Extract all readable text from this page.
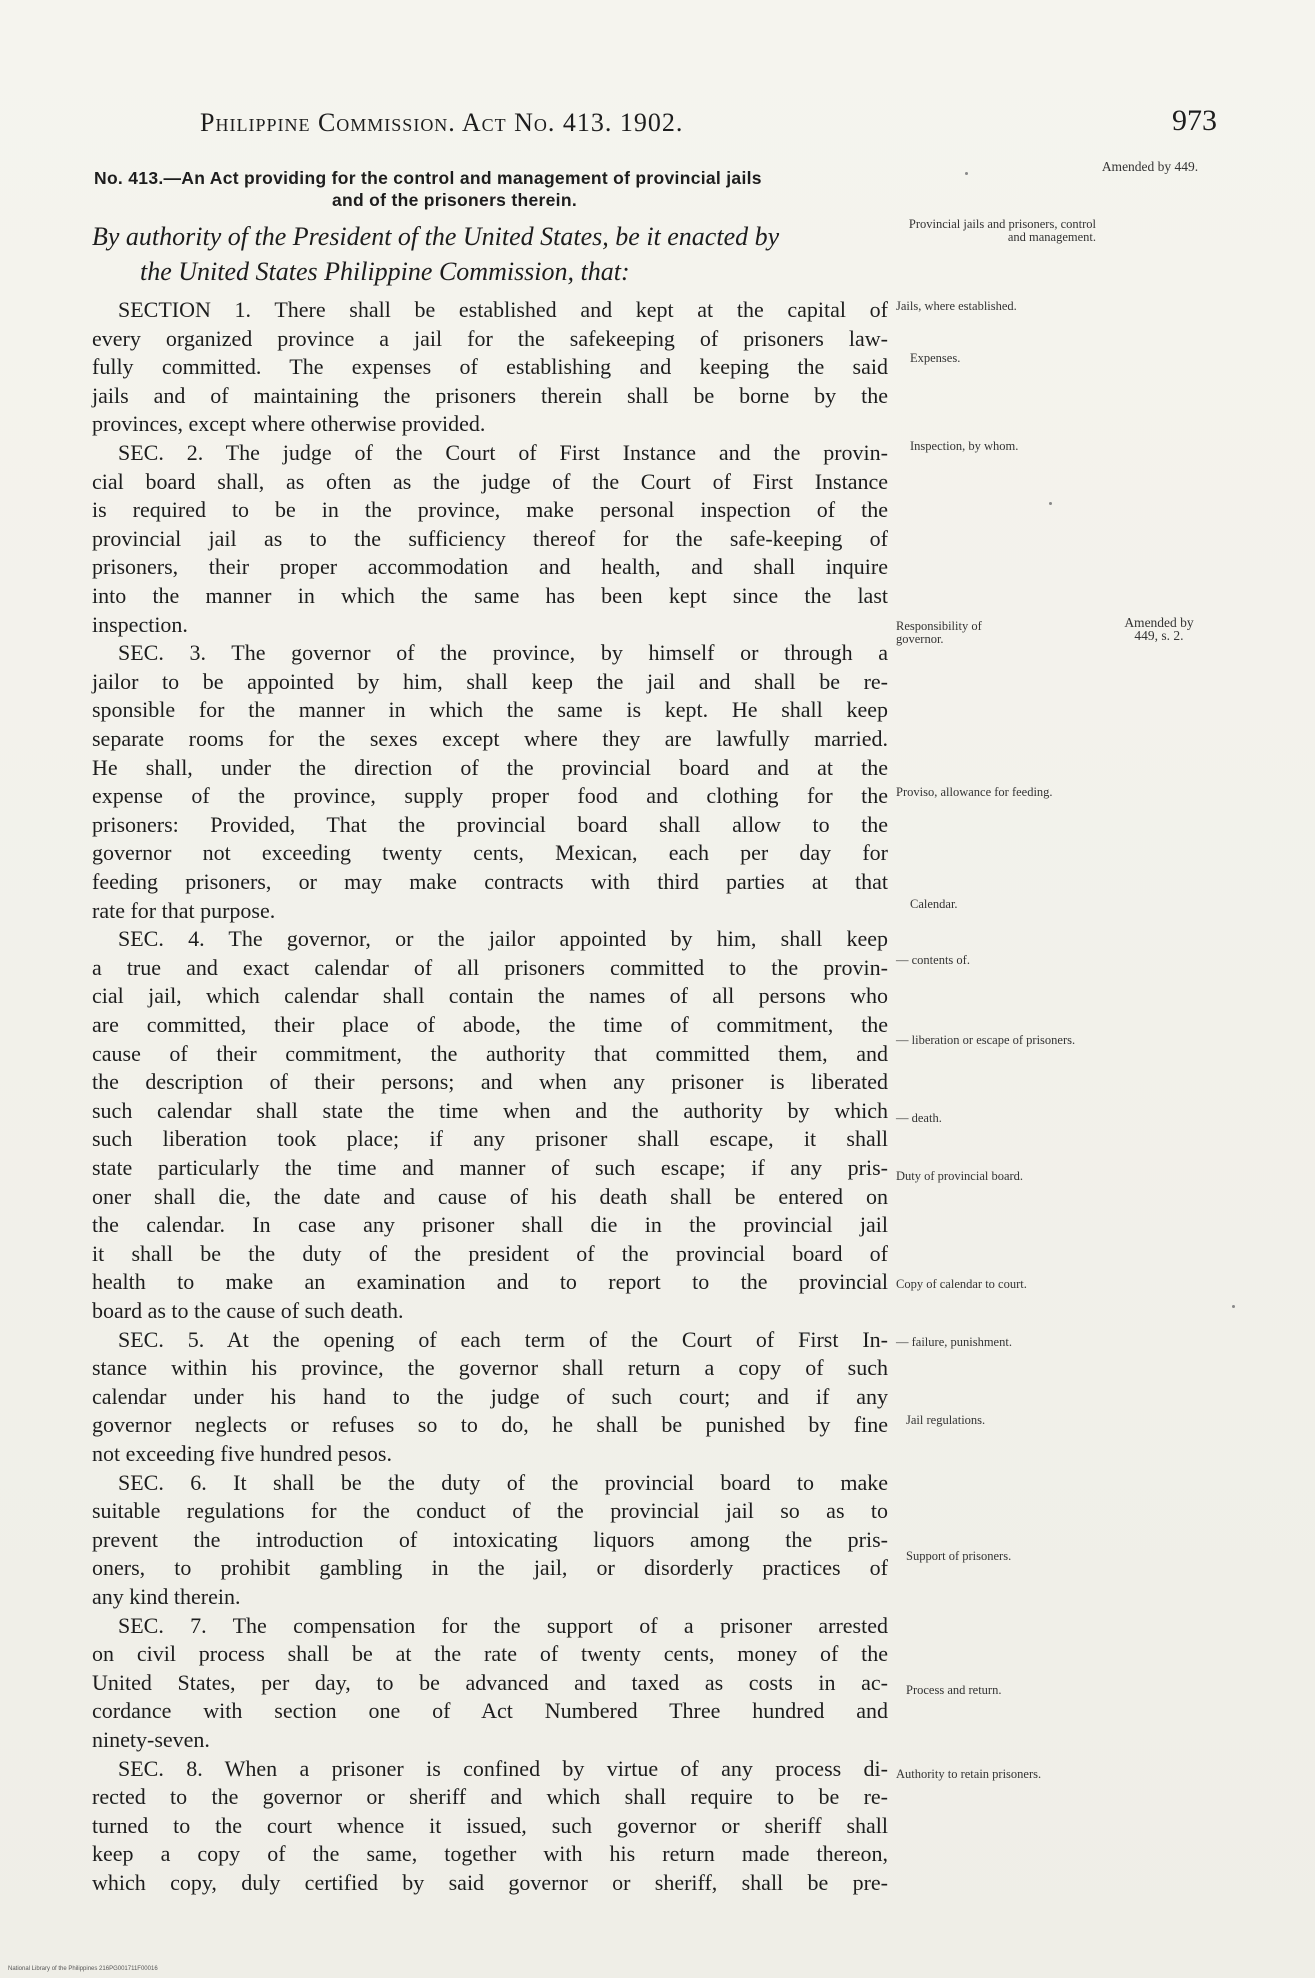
Philippine Commission. Act No. 413. 1902.	973
No. 413.—An Act providing for the control and management of provincial jails
and of the prisoners therein.
By authority of the President of the United States, be it enacted by
the United States Philippine Commission, that:
SECTION 1. There shall be established and kept at the capital of
every organized province a jail for the safekeeping of prisoners law-
fully committed. The expenses of establishing and keeping the said
jails and of maintaining the prisoners therein shall be borne by the
provinces, except where otherwise provided.
SEC. 2. The judge of the Court of First Instance and the provin-
cial board shall, as often as the judge of the Court of First Instance
is required to be in the province, make personal inspection of the
provincial jail as to the sufficiency thereof for the safe-keeping of
prisoners, their proper accommodation and health, and shall inquire
into the manner in which the same has been kept since the last
inspection.
SEC. 3. The governor of the province, by himself or through a
jailor to be appointed by him, shall keep the jail and shall be re-
sponsible for the manner in which the same is kept. He shall keep
separate rooms for the sexes except where they are lawfully married.
He shall, under the direction of the provincial board and at the
expense of the province, supply proper food and clothing for the
prisoners: Provided, That the provincial board shall allow to the
governor not exceeding twenty cents, Mexican, each per day for
feeding prisoners, or may make contracts with third parties at that
rate for that purpose.
SEC. 4. The governor, or the jailor appointed by him, shall keep
a true and exact calendar of all prisoners committed to the provin-
cial jail, which calendar shall contain the names of all persons who
are committed, their place of abode, the time of commitment, the
cause of their commitment, the authority that committed them, and
the description of their persons; and when any prisoner is liberated
such calendar shall state the time when and the authority by which
such liberation took place; if any prisoner shall escape, it shall
state particularly the time and manner of such escape; if any pris-
oner shall die, the date and cause of his death shall be entered on
the calendar. In case any prisoner shall die in the provincial jail
it shall be the duty of the president of the provincial board of
health to make an examination and to report to the provincial
board as to the cause of such death.
SEC. 5. At the opening of each term of the Court of First In-
stance within his province, the governor shall return a copy of such
calendar under his hand to the judge of such court; and if any
governor neglects or refuses so to do, he shall be punished by fine
not exceeding five hundred pesos.
SEC. 6. It shall be the duty of the provincial board to make
suitable regulations for the conduct of the provincial jail so as to
prevent the introduction of intoxicating liquors among the pris-
oners, to prohibit gambling in the jail, or disorderly practices of
any kind therein.
SEC. 7. The compensation for the support of a prisoner arrested
on civil process shall be at the rate of twenty cents, money of the
United States, per day, to be advanced and taxed as costs in ac-
cordance with section one of Act Numbered Three hundred and
ninety-seven.
SEC. 8. When a prisoner is confined by virtue of any process di-
rected to the governor or sheriff and which shall require to be re-
turned to the court whence it issued, such governor or sheriff shall
keep a copy of the same, together with his return made thereon,
which copy, duly certified by said governor or sheriff, shall be pre-
Amended by 449.
Provincial jails and prisoners, control and management.
Jails, where established.
Expenses.
Inspection, by whom.
Responsibility of governor.
Amended by 449, s. 2.
Proviso, allowance for feeding.
Calendar.
— contents of.
— liberation or escape of prisoners.
— death.
Duty of provincial board.
Copy of calendar to court.
— failure, punishment.
Jail regulations.
Support of prisoners.
Process and return.
Authority to retain prisoners.
National Library of the Philippines 216PG001711F00016
